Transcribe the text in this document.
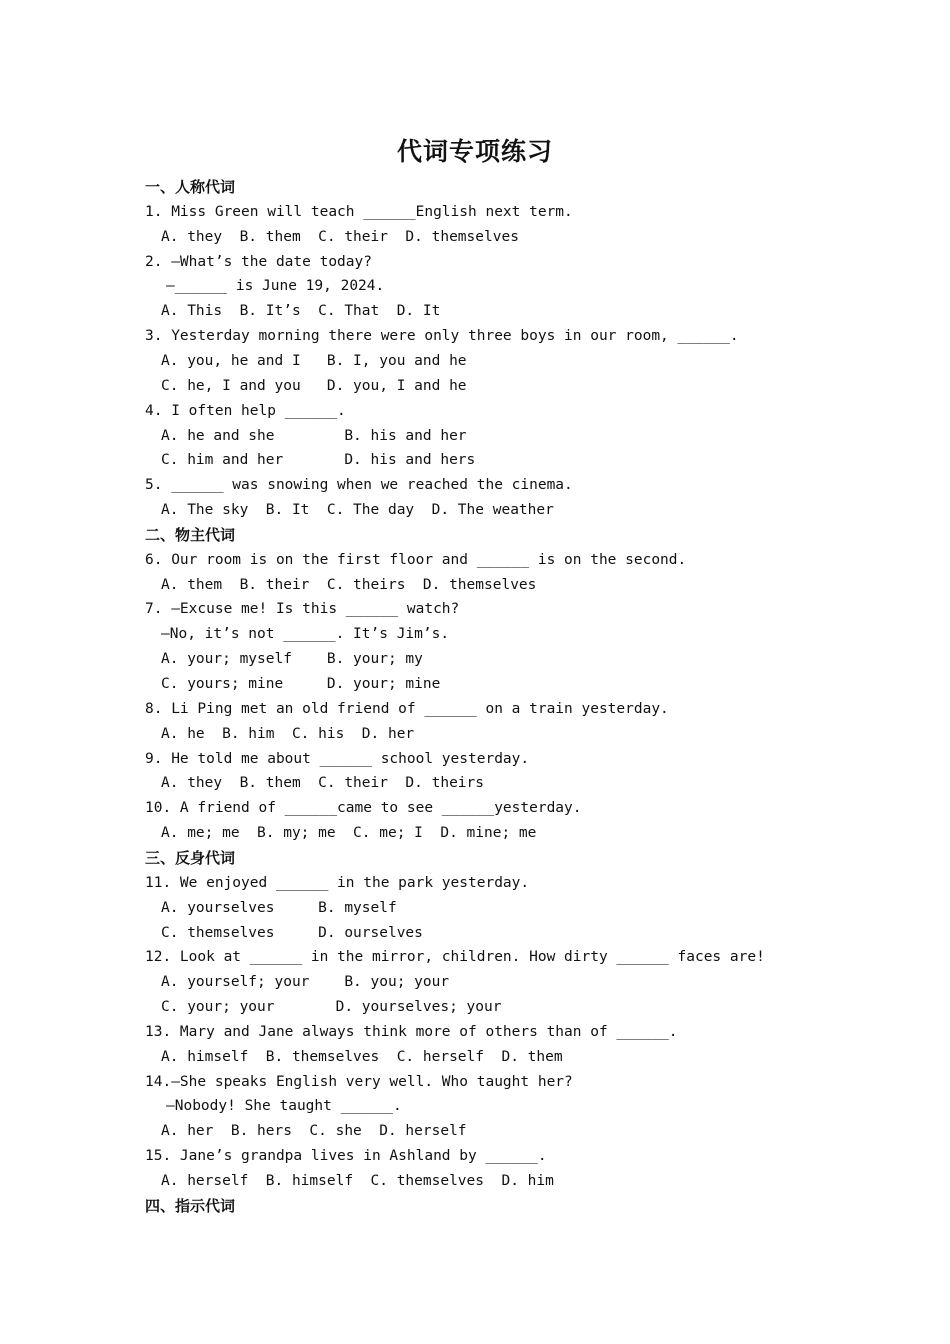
代词专项练习
一、人称代词
1. Miss Green will teach ______English next term.
A. they  B. them  C. their  D. themselves
2. —What’s the date today?
—______ is June 19, 2024.
A. This  B. It’s  C. That  D. It
3. Yesterday morning there were only three boys in our room, ______.
A. you, he and I   B. I, you and he
C. he, I and you   D. you, I and he
4. I often help ______.
A. he and she        B. his and her
C. him and her       D. his and hers
5. ______ was snowing when we reached the cinema.
A. The sky  B. It  C. The day  D. The weather
二、物主代词
6. Our room is on the first floor and ______ is on the second.
A. them  B. their  C. theirs  D. themselves
7. —Excuse me! Is this ______ watch?
—No, it’s not ______. It’s Jim’s.
A. your; myself    B. your; my
C. yours; mine     D. your; mine
8. Li Ping met an old friend of ______ on a train yesterday.
A. he  B. him  C. his  D. her
9. He told me about ______ school yesterday.
A. they  B. them  C. their  D. theirs
10. A friend of ______came to see ______yesterday.
A. me; me  B. my; me  C. me; I  D. mine; me
三、反身代词
11. We enjoyed ______ in the park yesterday.
A. yourselves     B. myself
C. themselves     D. ourselves
12. Look at ______ in the mirror, children. How dirty ______ faces are!
A. yourself; your    B. you; your
C. your; your       D. yourselves; your
13. Mary and Jane always think more of others than of ______.
A. himself  B. themselves  C. herself  D. them
14.—She speaks English very well. Who taught her?
—Nobody! She taught ______.
A. her  B. hers  C. she  D. herself
15. Jane’s grandpa lives in Ashland by ______.
A. herself  B. himself  C. themselves  D. him
四、指示代词
